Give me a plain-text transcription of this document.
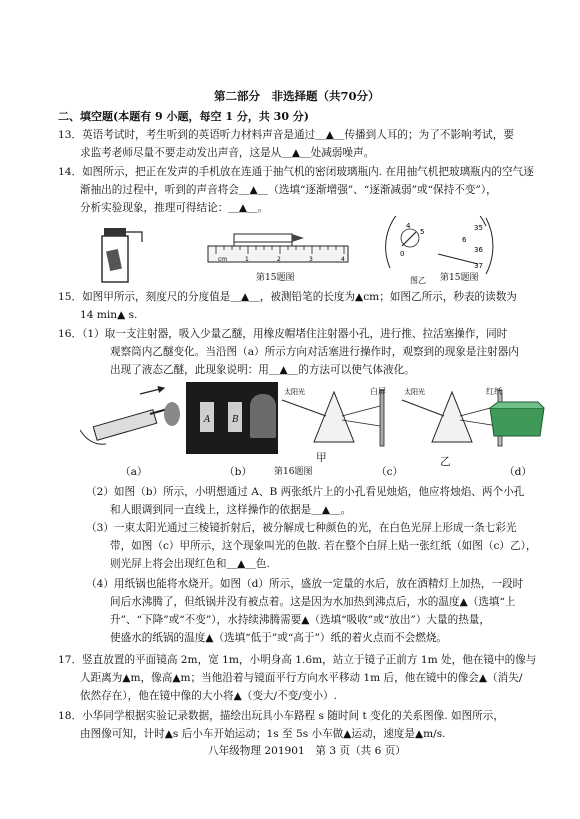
第二部分　非选择题（共70分）
二、填空题(本题有 9 小题，每空 1 分，共 30 分)
13．英语考试时，考生听到的英语听力材料声音是通过＿▲＿传播到人耳的；为了不影响考试，要
求监考老师尽量不要走动发出声音，这是从＿▲＿处减弱噪声。
14．如图所示，把正在发声的手机放在连通于抽气机的密闭玻璃瓶内. 在用抽气机把玻璃瓶内的空气逐
渐抽出的过程中，听到的声音将会＿▲＿（选填“逐渐增强”、“逐渐减弱”或“保持不变”），
分析实验现象，推理可得结论：＿▲＿。
cm	1	2	3	4
第15题图
4
5
0
35
6
36
37
图乙 第15题图
15．如图甲所示，刻度尺的分度值是＿▲＿，被测铅笔的长度为▲cm；如图乙所示，秒表的读数为
14 min▲ s.
16．（1）取一支注射器，吸入少量乙醚，用橡皮帽堵住注射器小孔，进行推、拉活塞操作，同时
观察筒内乙醚变化。当沿图（a）所示方向对活塞进行操作时，观察到的现象是注射器内
出现了液态乙醚，此现象说明：用＿▲＿的方法可以使气体液化。
A B
太阳光	白屏	太阳光	红纸
（a）	（b）
甲	乙
第16题图	（c）	（d）
（2）如图（b）所示，小明想通过 A、B 两张纸片上的小孔看见烛焰，他应将烛焰、两个小孔
和人眼调到同一直线上，这样操作的依据是＿▲＿。
（3）一束太阳光通过三棱镜折射后，被分解成七种颜色的光，在白色光屏上形成一条七彩光
带，如图（c）甲所示，这个现象叫光的色散. 若在整个白屏上贴一张红纸（如图（c）乙），
则光屏上将会出现红色和＿▲＿色.
（4）用纸锅也能将水烧开。如图（d）所示，盛放一定量的水后，放在酒精灯上加热，一段时
间后水沸腾了，但纸锅并没有被点着。这是因为水加热到沸点后，水的温度▲（选填“上
升”、“下降”或“不变”），水持续沸腾需要▲（选填“吸收”或“放出”）大量的热量，
使盛水的纸锅的温度▲（选填“低于”或“高于”）纸的着火点而不会燃烧。
17．竖直放置的平面镜高 2m，宽 1m，小明身高 1.6m，站立于镜子正前方 1m 处，他在镜中的像与
人距离为▲m，像高▲m；当他沿着与镜面平行方向水平移动 1m 后，他在镜中的像会▲（消失/
依然存在），他在镜中像的大小将▲（变大/不变/变小）.
18．小华同学根据实验记录数据，描绘出玩具小车路程 s 随时间 t 变化的关系图像. 如图所示，
由图像可知，计时▲s 后小车开始运动；1s 至 5s 小车做▲运动，速度是▲m/s.
八年级物理 201901　第 3 页（共 6 页）
